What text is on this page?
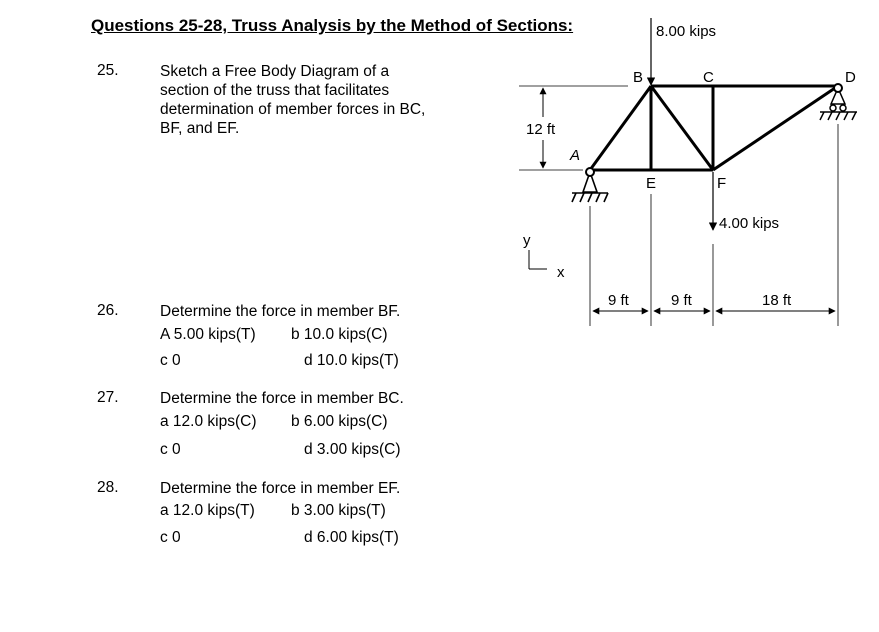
Questions 25-28, Truss Analysis by the Method of Sections:
25.	Sketch a Free Body Diagram of a
section of the truss that facilitates
determination of member forces in BC,
BF, and EF.
26.	Determine the force in member BF.
A 5.00 kips(T) b 10.0 kips(C)
c 0	d 10.0 kips(T)
27.	Determine the force in member BC.
a 12.0 kips(C) b 6.00 kips(C)
c 0	d 3.00 kips(C)
28.	Determine the force in member EF.
a 12.0 kips(T) b 3.00 kips(T)
c 0	d 6.00 kips(T)
8.00 kips
4.00 kips
12 ft
A
B	C	D
E	F
y
x
9 ft	9 ft	18 ft
